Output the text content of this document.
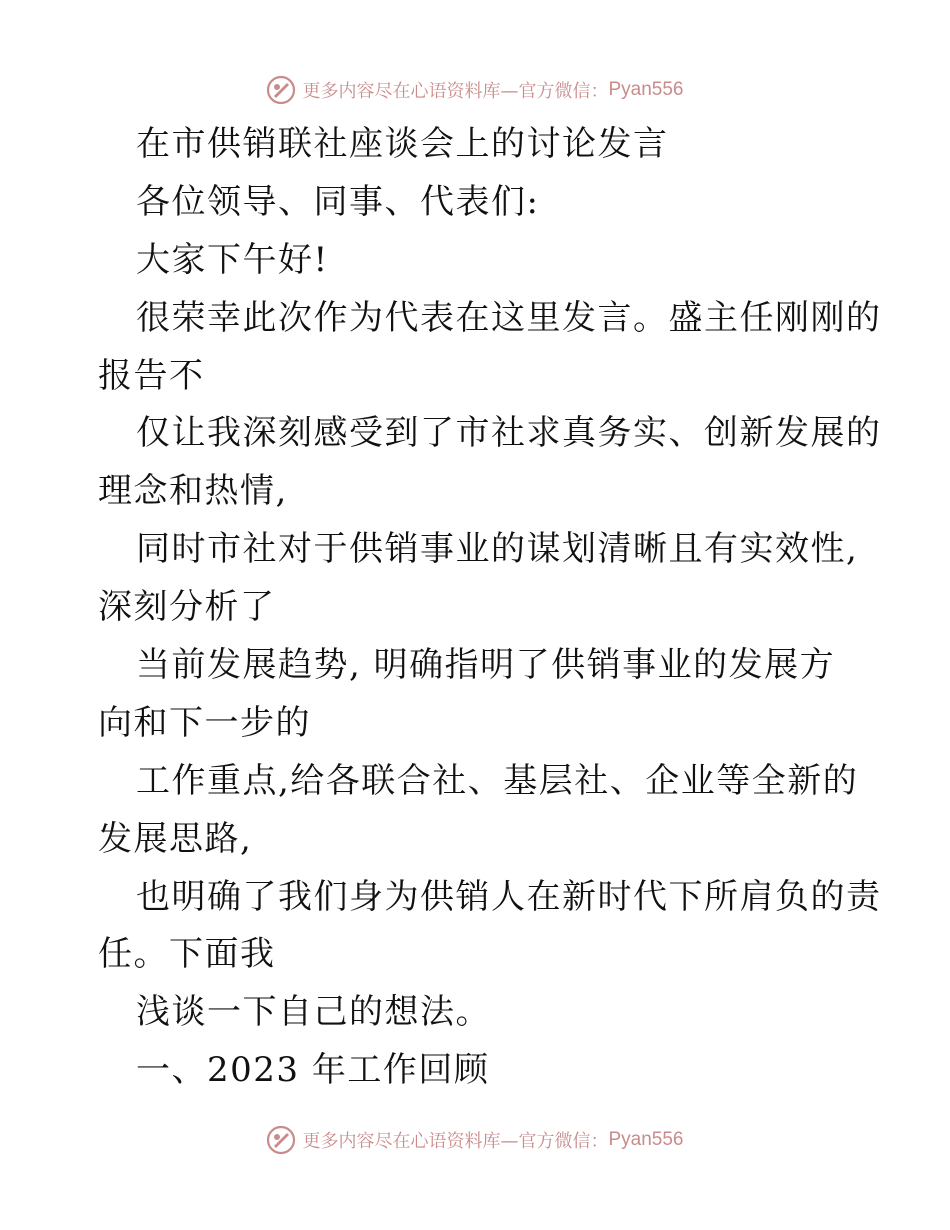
更多内容尽在心语资料库—官方微信： Pyan556
在市供销联社座谈会上的讨论发言
各位领导、同事、代表们:
大家下午好!
很荣幸此次作为代表在这里发言。盛主任刚刚的
报告不
仅让我深刻感受到了市社求真务实、创新发展的
理念和热情,
同时市社对于供销事业的谋划清晰且有实效性,
深刻分析了
当前发展趋势, 明确指明了供销事业的发展方
向和下一步的
工作重点,给各联合社、基层社、企业等全新的
发展思路,
也明确了我们身为供销人在新时代下所肩负的责
任。下面我
浅谈一下自己的想法。
一、2023 年工作回顾
更多内容尽在心语资料库—官方微信： Pyan556
